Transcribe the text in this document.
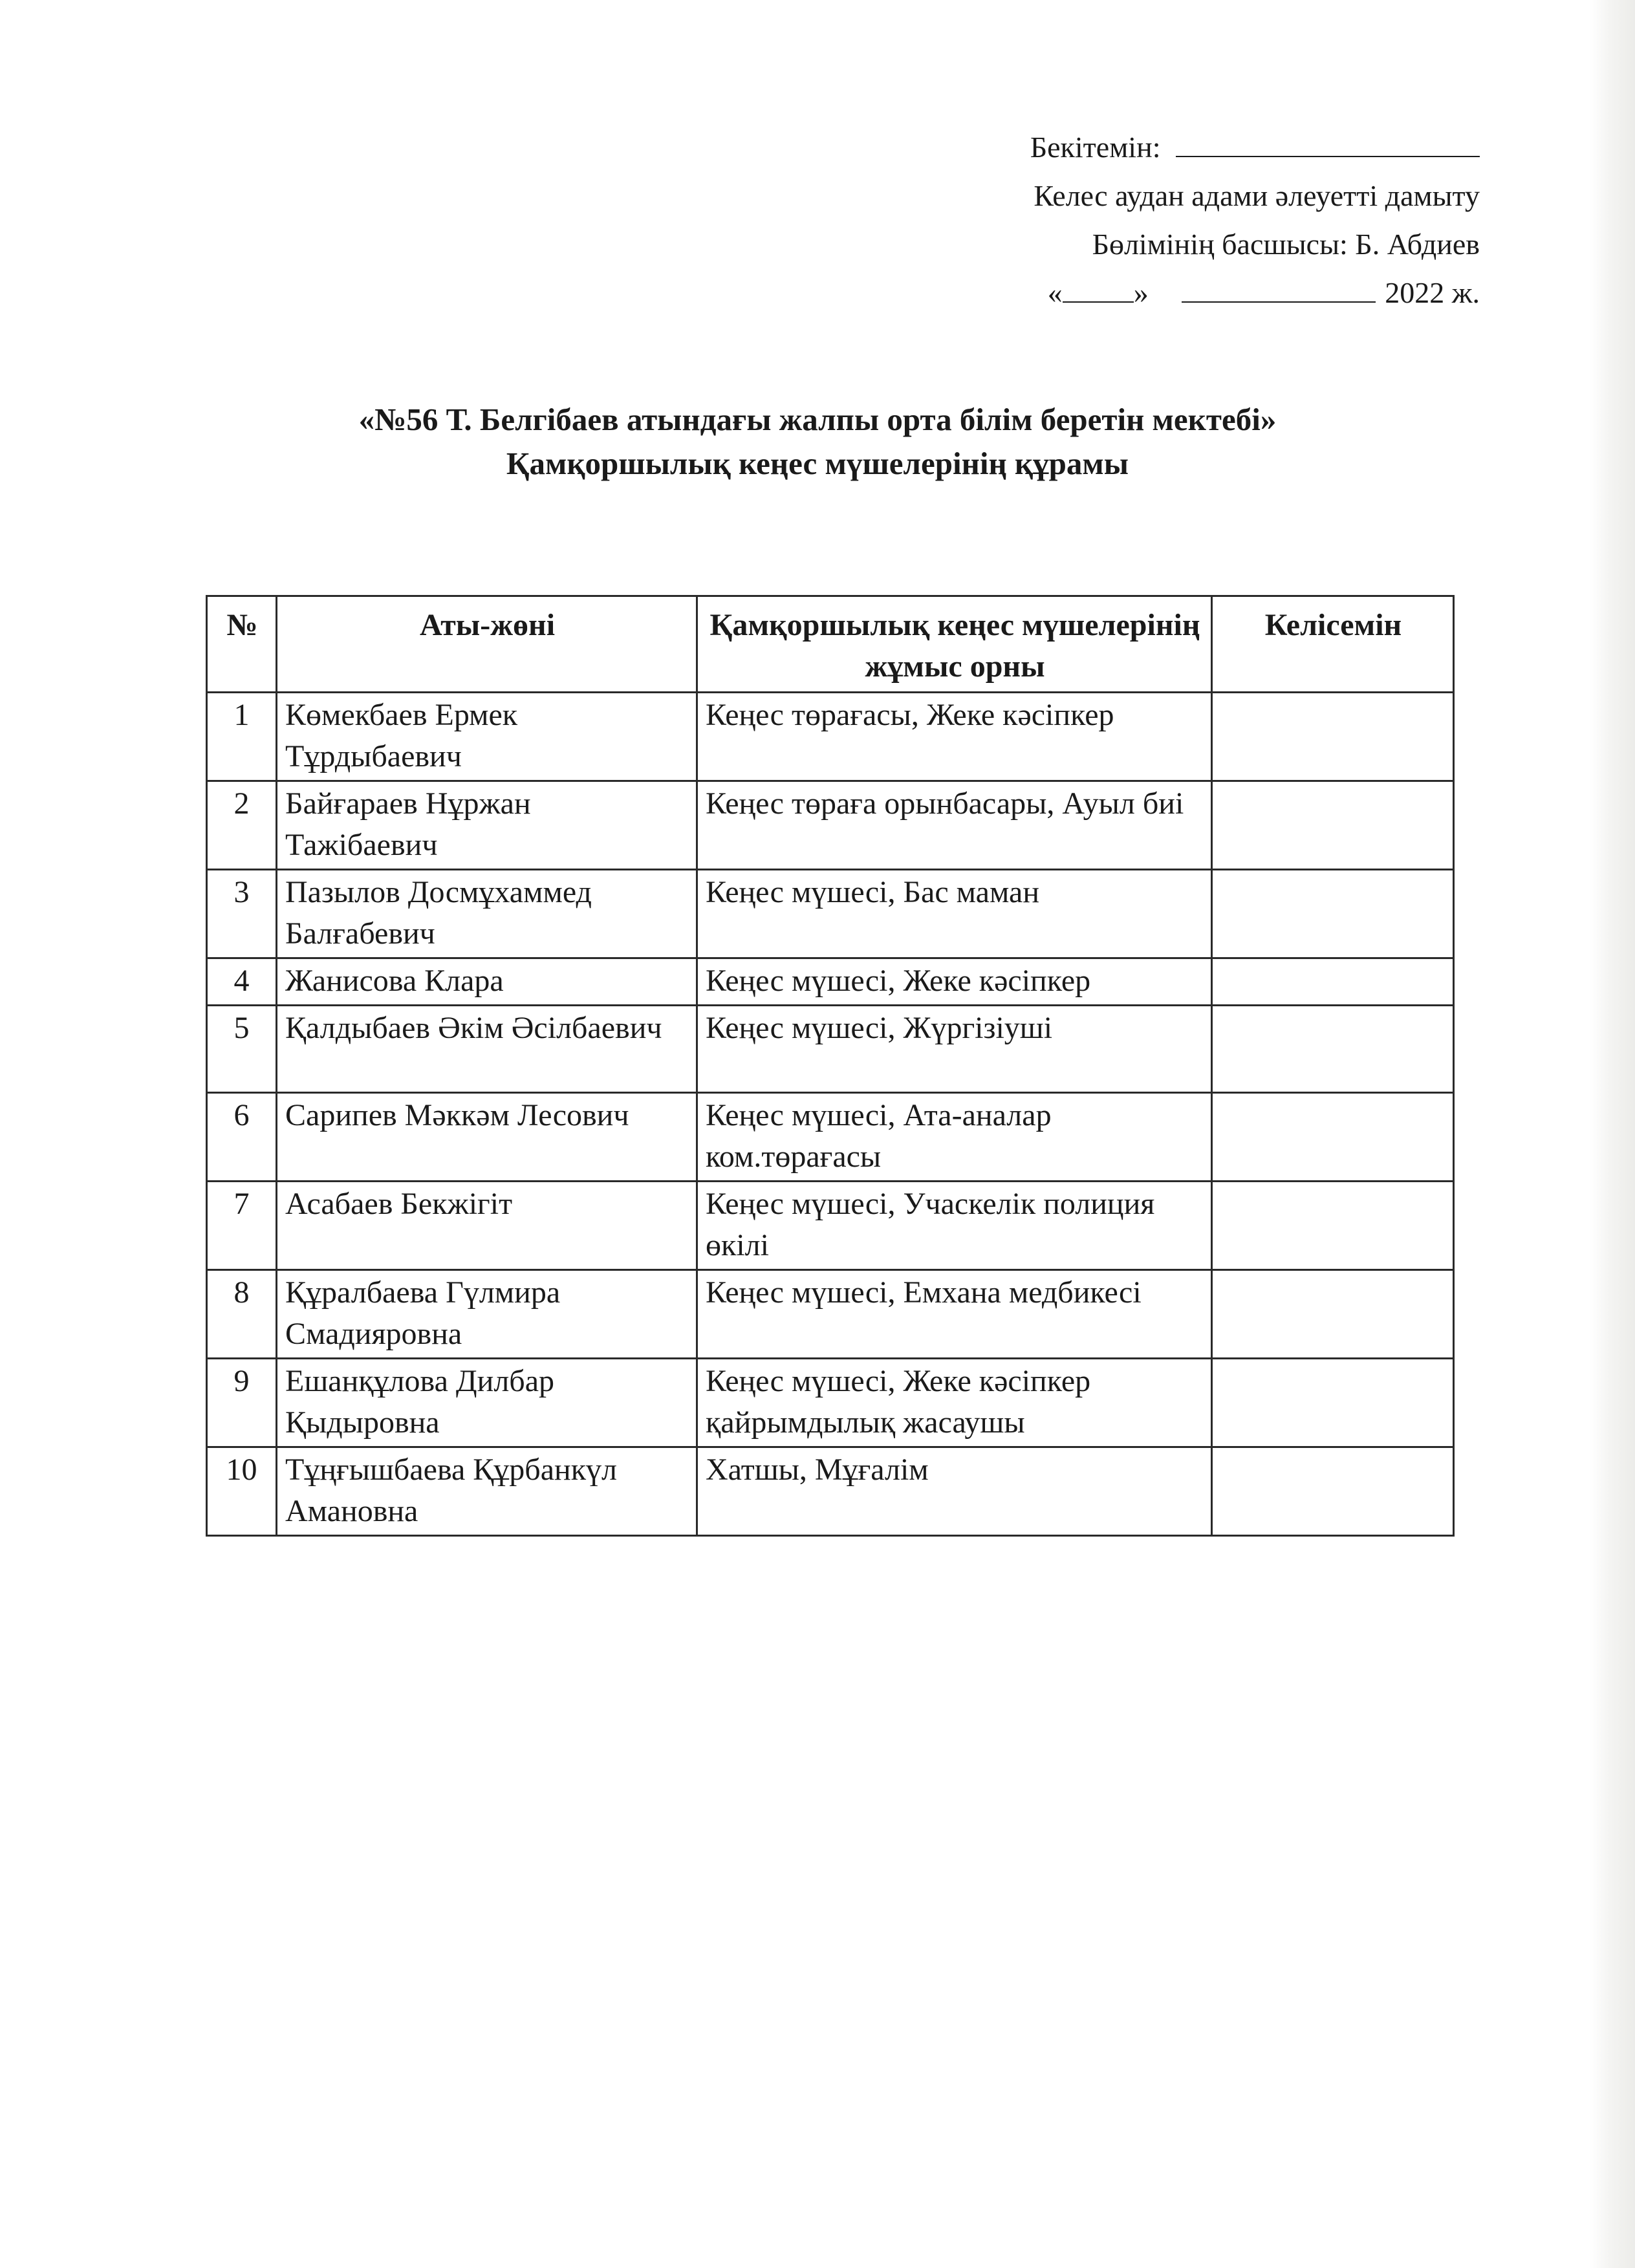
Бекітемін:
Келес аудан адами әлеуетті дамыту
Бөлімінің басшысы: Б. Абдиев
« »	2022 ж.
«№56 Т. Белгібаев атындағы жалпы орта білім беретін мектебі»
Қамқоршылық кеңес мүшелерінің құрамы
№	Аты-жөні	Қамқоршылық кеңес мүшелерінің жұмыс орны	Келісемін
1	Көмекбаев Ермек Тұрдыбаевич	Кеңес төрағасы, Жеке кәсіпкер	
2	Байғараев Нұржан Тажібаевич	Кеңес төраға орынбасары, Ауыл биі	
3	Пазылов Досмұхаммед Балғабевич	Кеңес мүшесі, Бас маман	
4	Жанисова Клара	Кеңес мүшесі, Жеке кәсіпкер	
5	Қалдыбаев Әкім Әсілбаевич	Кеңес мүшесі, Жүргізіуші	
6	Сарипев Мәккәм Лесович	Кеңес мүшесі, Ата-аналар ком.төрағасы	
7	Асабаев Бекжігіт	Кеңес мүшесі, Учаскелік полиция өкілі	
8	Құралбаева Гүлмира Смадияровна	Кеңес мүшесі, Емхана медбикесі	
9	Ешанқұлова Дилбар Қыдыровна	Кеңес мүшесі, Жеке кәсіпкер қайрымдылық жасаушы	
10	Тұңғышбаева Құрбанкүл Амановна	Хатшы, Мұғалім	
